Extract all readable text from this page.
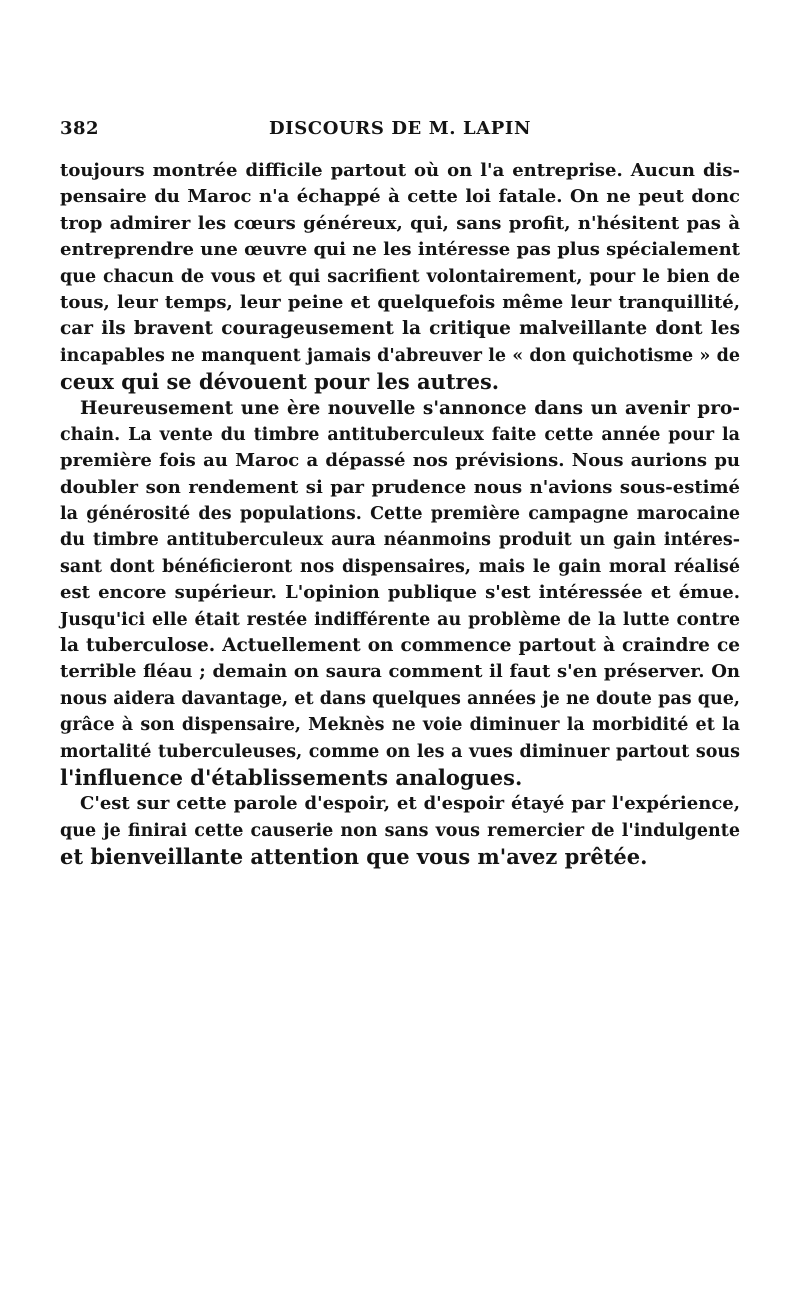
382	DISCOURS DE M. LAPIN
toujours montrée difficile partout où on l'a entreprise. Aucun dis-
pensaire du Maroc n'a échappé à cette loi fatale. On ne peut donc
trop admirer les cœurs généreux, qui, sans profit, n'hésitent pas à
entreprendre une œuvre qui ne les intéresse pas plus spécialement
que chacun de vous et qui sacrifient volontairement, pour le bien de
tous, leur temps, leur peine et quelquefois même leur tranquillité,
car ils bravent courageusement la critique malveillante dont les
incapables ne manquent jamais d'abreuver le « don quichotisme » de
ceux qui se dévouent pour les autres.
Heureusement une ère nouvelle s'annonce dans un avenir pro-
chain. La vente du timbre antituberculeux faite cette année pour la
première fois au Maroc a dépassé nos prévisions. Nous aurions pu
doubler son rendement si par prudence nous n'avions sous-estimé
la générosité des populations. Cette première campagne marocaine
du timbre antituberculeux aura néanmoins produit un gain intéres-
sant dont bénéficieront nos dispensaires, mais le gain moral réalisé
est encore supérieur. L'opinion publique s'est intéressée et émue.
Jusqu'ici elle était restée indifférente au problème de la lutte contre
la tuberculose. Actuellement on commence partout à craindre ce
terrible fléau ; demain on saura comment il faut s'en préserver. On
nous aidera davantage, et dans quelques années je ne doute pas que,
grâce à son dispensaire, Meknès ne voie diminuer la morbidité et la
mortalité tuberculeuses, comme on les a vues diminuer partout sous
l'influence d'établissements analogues.
C'est sur cette parole d'espoir, et d'espoir étayé par l'expérience,
que je finirai cette causerie non sans vous remercier de l'indulgente
et bienveillante attention que vous m'avez prêtée.
